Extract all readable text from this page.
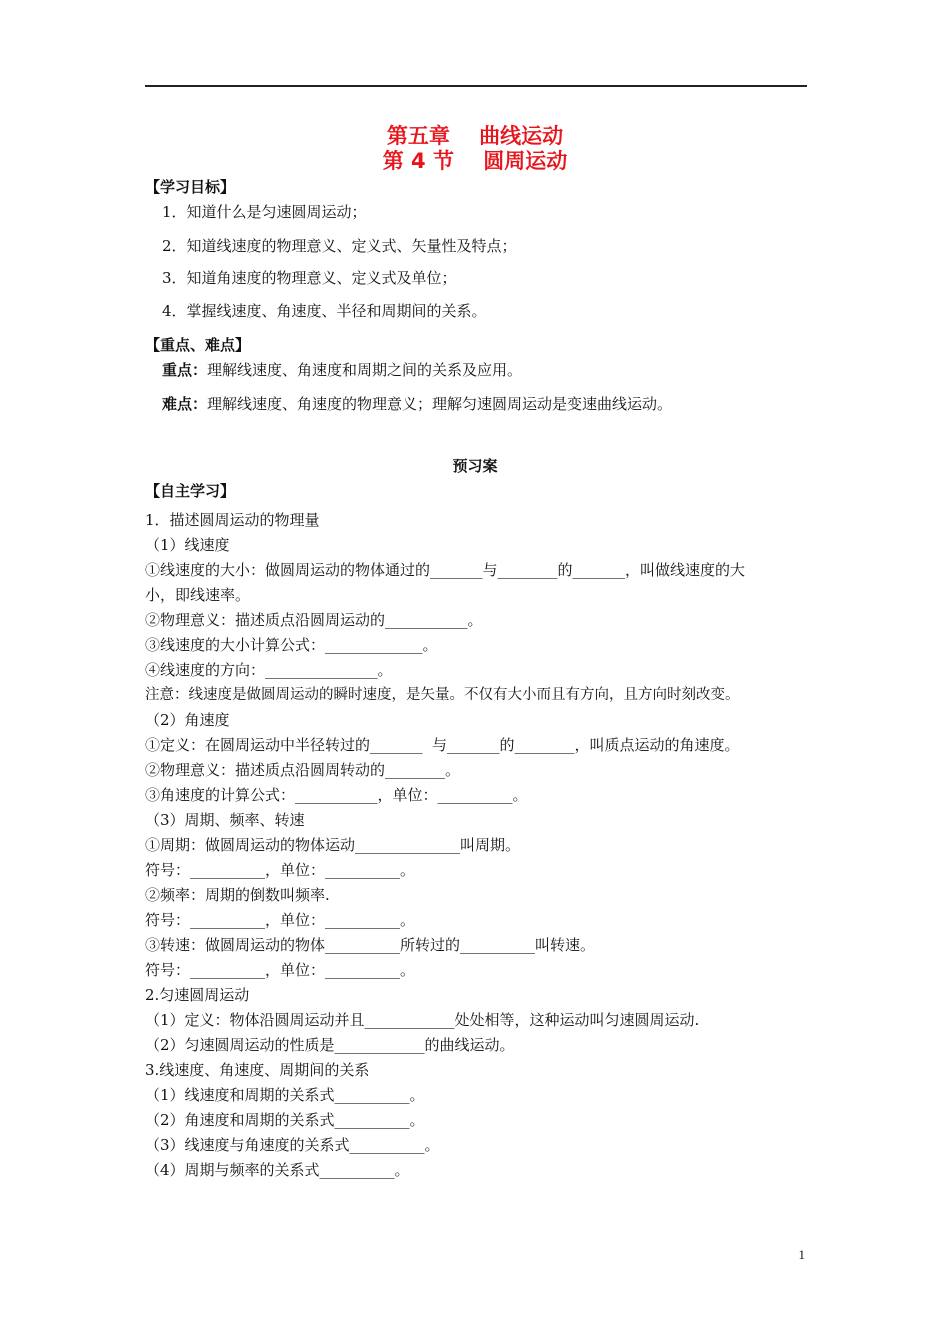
第五章    曲线运动
第 4 节    圆周运动
【学习目标】
1．知道什么是匀速圆周运动；
2．知道线速度的物理意义、定义式、矢量性及特点；
3．知道角速度的物理意义、定义式及单位；
4．掌握线速度、角速度、半径和周期间的关系。
【重点、难点】
重点：理解线速度、角速度和周期之间的关系及应用。
难点：理解线速度、角速度的物理意义；理解匀速圆周运动是变速曲线运动。
预习案
【自主学习】
1．描述圆周运动的物理量
（1）线速度
①线速度的大小：做圆周运动的物体通过的_______与________的_______，叫做线速度的大
小，即线速率。
②物理意义：描述质点沿圆周运动的___________。
③线速度的大小计算公式：_____________。
④线速度的方向：_______________。
注意：线速度是做圆周运动的瞬时速度，是矢量。不仅有大小而且有方向，且方向时刻改变。
（2）角速度
①定义：在圆周运动中半径转过的_______  与_______的________，叫质点运动的角速度。
②物理意义：描述质点沿圆周转动的________。
③角速度的计算公式：___________，单位：__________。
（3）周期、频率、转速
①周期：做圆周运动的物体运动______________叫周期。
符号：__________，单位：__________。
②频率：周期的倒数叫频率.
符号：__________，单位：__________。
③转速：做圆周运动的物体__________所转过的__________叫转速。
符号：__________，单位：__________。
2.匀速圆周运动
（1）定义：物体沿圆周运动并且____________处处相等，这种运动叫匀速圆周运动.
（2）匀速圆周运动的性质是____________的曲线运动。
3.线速度、角速度、周期间的关系
（1）线速度和周期的关系式__________。
（2）角速度和周期的关系式__________。
（3）线速度与角速度的关系式__________。
（4）周期与频率的关系式__________。
1
